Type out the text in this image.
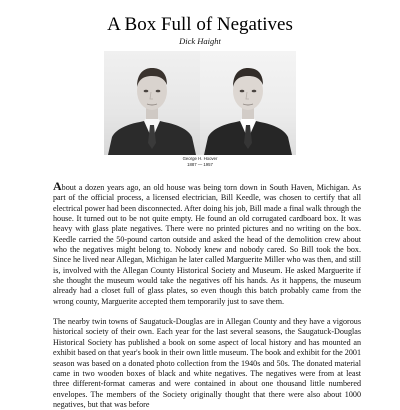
A Box Full of Negatives
Dick Haight
George H. Hoover
1887 — 1957

About a dozen years ago, an old house was being torn down in South Haven, Michigan. As part of the official process, a licensed electrician, Bill Keedle, was chosen to certify that all electrical power had been disconnected. After doing his job, Bill made a final walk through the house. It turned out to be not quite empty. He found an old corrugated cardboard box. It was heavy with glass plate negatives. There were no printed pictures and no writing on the box. Keedle carried the 50-pound carton outside and asked the head of the demolition crew about who the negatives might belong to. Nobody knew and nobody cared. So Bill took the box. Since he lived near Allegan, Michigan he later called Marguerite Miller who was then, and still is, involved with the Allegan County Historical Society and Museum. He asked Marguerite if she thought the museum would take the negatives off his hands. As it happens, the museum already had a closet full of glass plates, so even though this batch probably came from the wrong county, Marguerite accepted them temporarily just to save them.

The nearby twin towns of Saugatuck-Douglas are in Allegan County and they have a vigorous historical society of their own. Each year for the last several seasons, the Saugatuck-Douglas Historical Society has published a book on some aspect of local history and has mounted an exhibit based on that year's book in their own little museum. The book and exhibit for the 2001 season was based on a donated photo collection from the 1940s and 50s. The donated material came in two wooden boxes of black and white negatives. The negatives were from at least three different-format cameras and were contained in about one thousand little numbered envelopes. The members of the Society originally thought that there were also about 1000 negatives, but that was before
